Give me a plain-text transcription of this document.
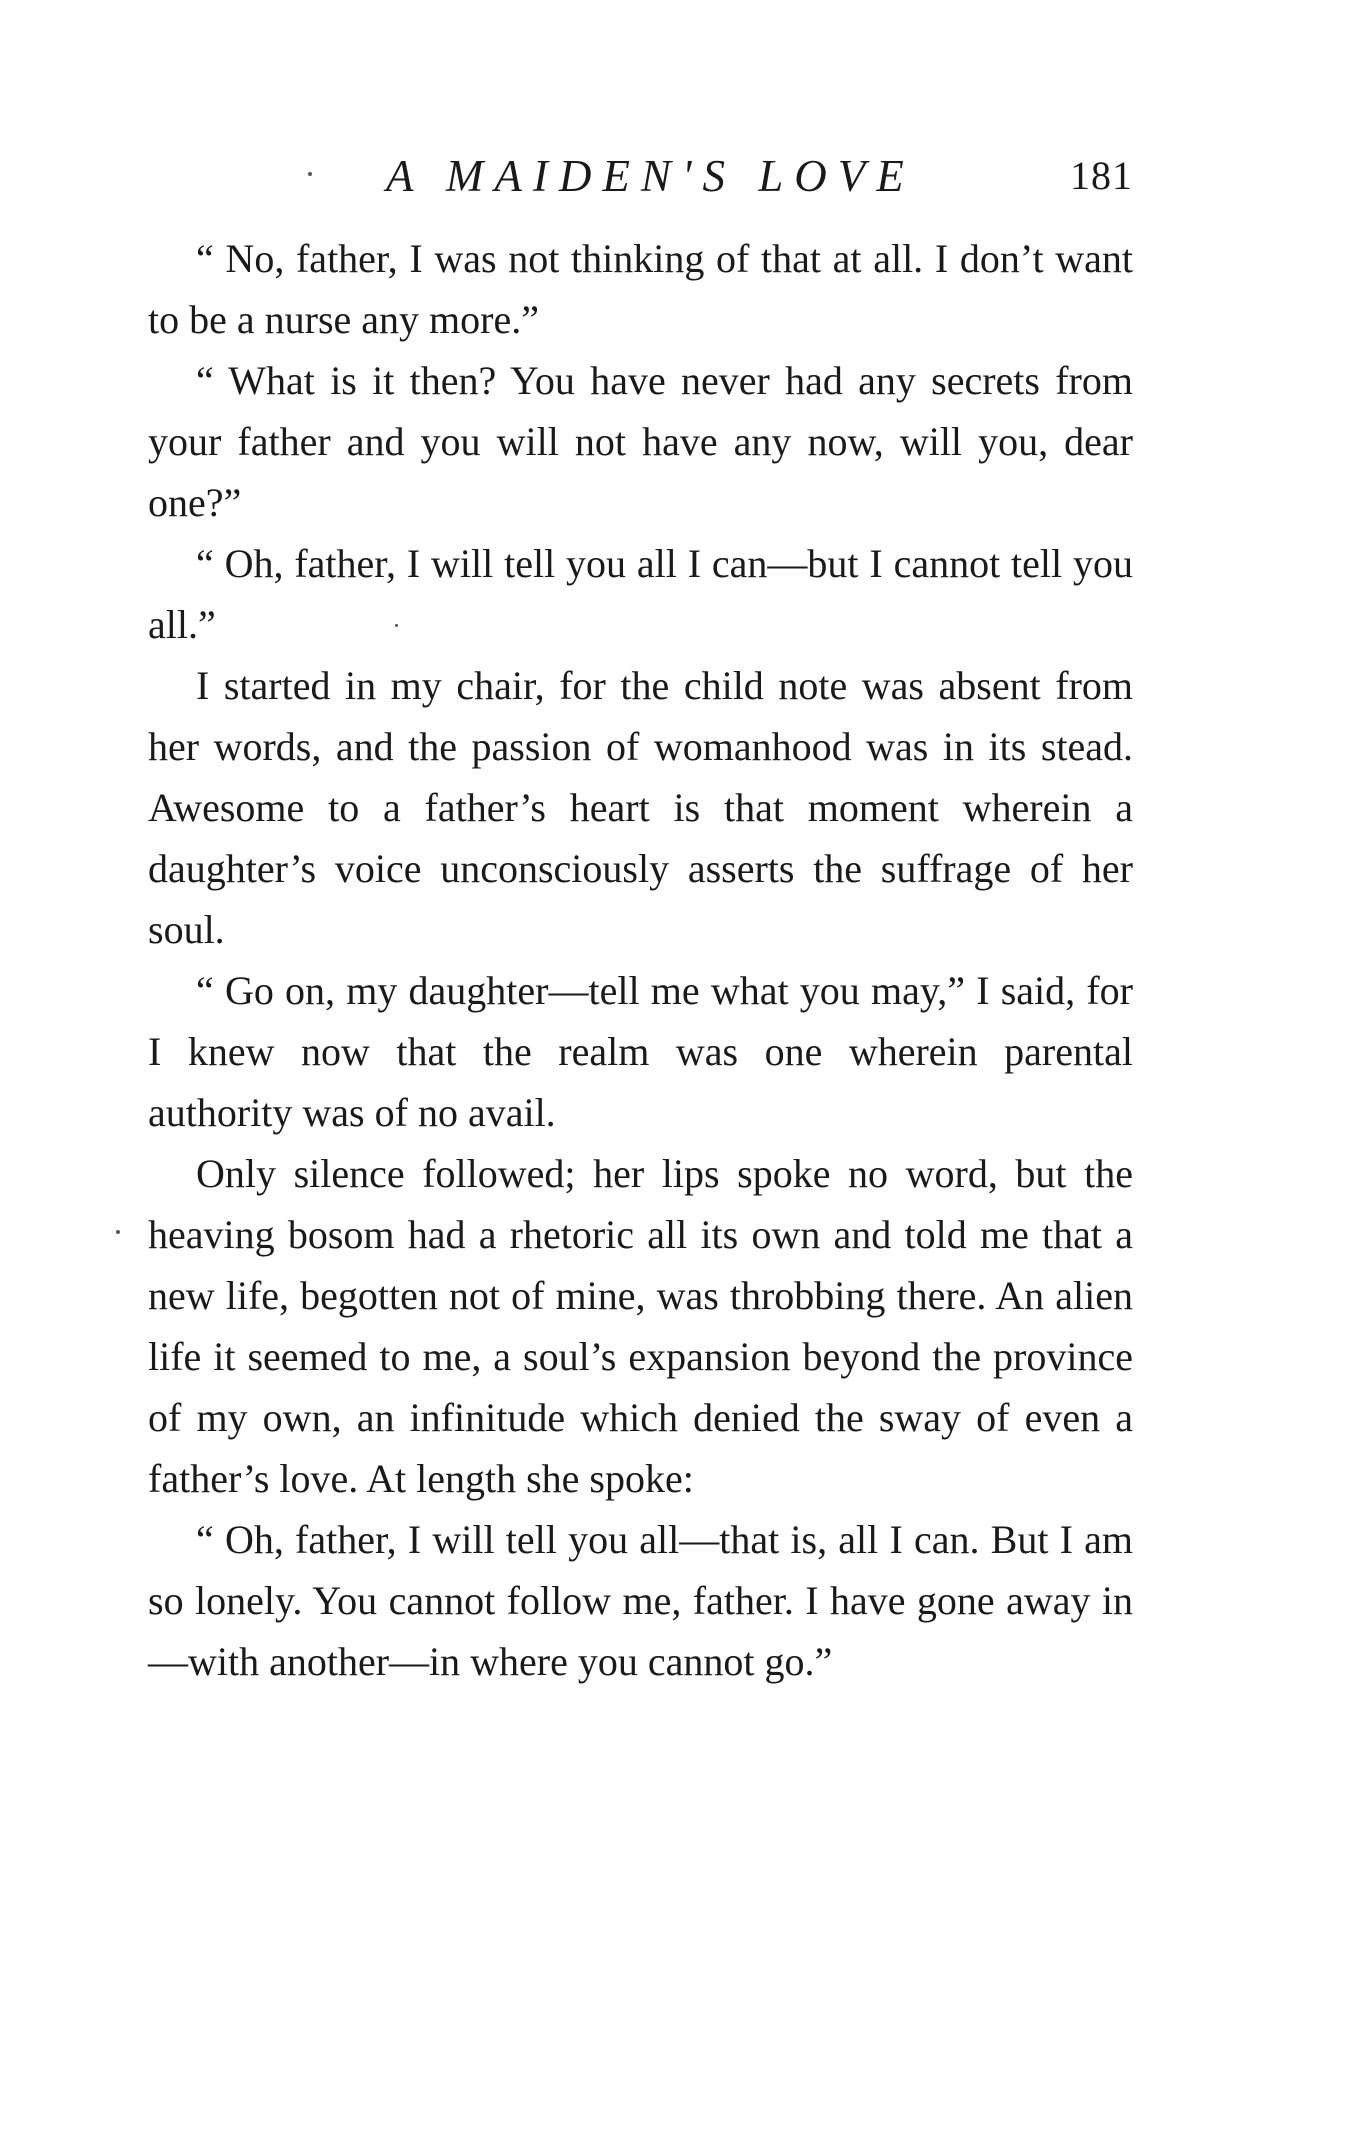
A MAIDEN'S LOVE	181

“ No, father, I was not thinking of that at all. I don’t want to be a nurse any more.”

“ What is it then? You have never had any secrets from your father and you will not have any now, will you, dear one?”

“ Oh, father, I will tell you all I can—but I cannot tell you all.”

I started in my chair, for the child note was absent from her words, and the passion of womanhood was in its stead. Awesome to a father’s heart is that moment wherein a daughter’s voice unconsciously asserts the suffrage of her soul.

“ Go on, my daughter—tell me what you may,” I said, for I knew now that the realm was one wherein parental authority was of no avail.

Only silence followed; her lips spoke no word, but the heaving bosom had a rhetoric all its own and told me that a new life, begotten not of mine, was throbbing there. An alien life it seemed to me, a soul’s expansion beyond the province of my own, an infinitude which denied the sway of even a father’s love. At length she spoke:

“ Oh, father, I will tell you all—that is, all I can. But I am so lonely. You cannot follow me, father. I have gone away in—with another—in where you cannot go.”
